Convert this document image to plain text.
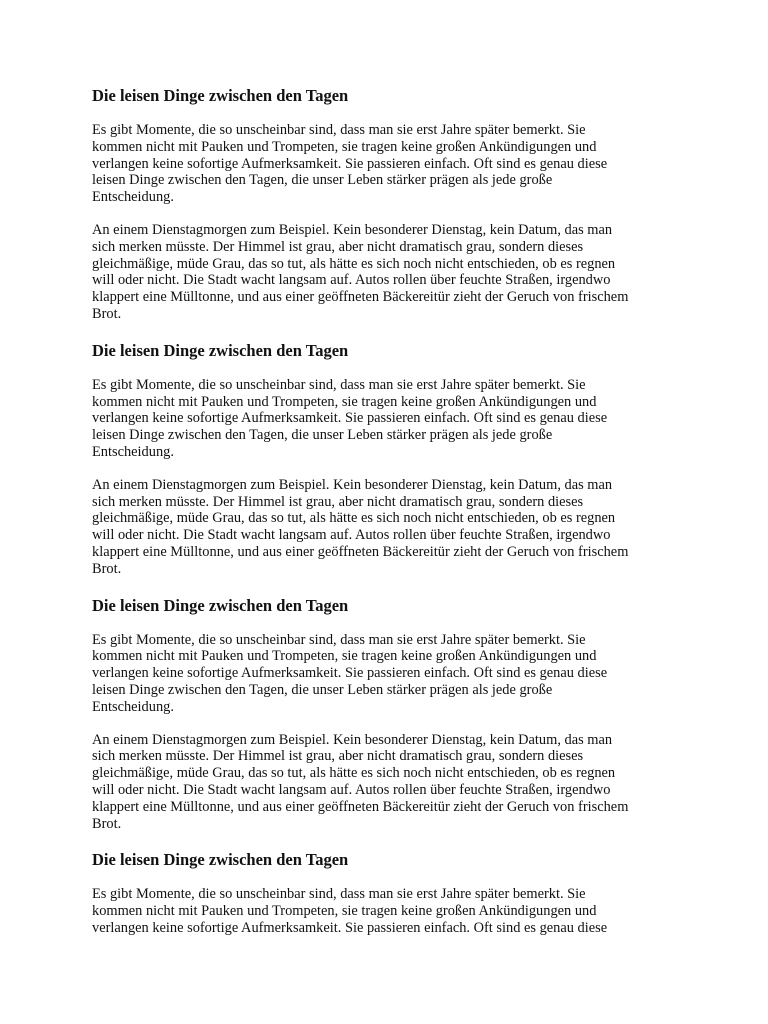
Die leisen Dinge zwischen den Tagen

Es gibt Momente, die so unscheinbar sind, dass man sie erst Jahre später bemerkt. Sie
kommen nicht mit Pauken und Trompeten, sie tragen keine großen Ankündigungen und
verlangen keine sofortige Aufmerksamkeit. Sie passieren einfach. Oft sind es genau diese
leisen Dinge zwischen den Tagen, die unser Leben stärker prägen als jede große
Entscheidung.

An einem Dienstagmorgen zum Beispiel. Kein besonderer Dienstag, kein Datum, das man
sich merken müsste. Der Himmel ist grau, aber nicht dramatisch grau, sondern dieses
gleichmäßige, müde Grau, das so tut, als hätte es sich noch nicht entschieden, ob es regnen
will oder nicht. Die Stadt wacht langsam auf. Autos rollen über feuchte Straßen, irgendwo
klappert eine Mülltonne, und aus einer geöffneten Bäckereitür zieht der Geruch von frischem
Brot.

Die leisen Dinge zwischen den Tagen

Es gibt Momente, die so unscheinbar sind, dass man sie erst Jahre später bemerkt. Sie
kommen nicht mit Pauken und Trompeten, sie tragen keine großen Ankündigungen und
verlangen keine sofortige Aufmerksamkeit. Sie passieren einfach. Oft sind es genau diese
leisen Dinge zwischen den Tagen, die unser Leben stärker prägen als jede große
Entscheidung.

An einem Dienstagmorgen zum Beispiel. Kein besonderer Dienstag, kein Datum, das man
sich merken müsste. Der Himmel ist grau, aber nicht dramatisch grau, sondern dieses
gleichmäßige, müde Grau, das so tut, als hätte es sich noch nicht entschieden, ob es regnen
will oder nicht. Die Stadt wacht langsam auf. Autos rollen über feuchte Straßen, irgendwo
klappert eine Mülltonne, und aus einer geöffneten Bäckereitür zieht der Geruch von frischem
Brot.

Die leisen Dinge zwischen den Tagen

Es gibt Momente, die so unscheinbar sind, dass man sie erst Jahre später bemerkt. Sie
kommen nicht mit Pauken und Trompeten, sie tragen keine großen Ankündigungen und
verlangen keine sofortige Aufmerksamkeit. Sie passieren einfach. Oft sind es genau diese
leisen Dinge zwischen den Tagen, die unser Leben stärker prägen als jede große
Entscheidung.

An einem Dienstagmorgen zum Beispiel. Kein besonderer Dienstag, kein Datum, das man
sich merken müsste. Der Himmel ist grau, aber nicht dramatisch grau, sondern dieses
gleichmäßige, müde Grau, das so tut, als hätte es sich noch nicht entschieden, ob es regnen
will oder nicht. Die Stadt wacht langsam auf. Autos rollen über feuchte Straßen, irgendwo
klappert eine Mülltonne, und aus einer geöffneten Bäckereitür zieht der Geruch von frischem
Brot.

Die leisen Dinge zwischen den Tagen

Es gibt Momente, die so unscheinbar sind, dass man sie erst Jahre später bemerkt. Sie
kommen nicht mit Pauken und Trompeten, sie tragen keine großen Ankündigungen und
verlangen keine sofortige Aufmerksamkeit. Sie passieren einfach. Oft sind es genau diese
